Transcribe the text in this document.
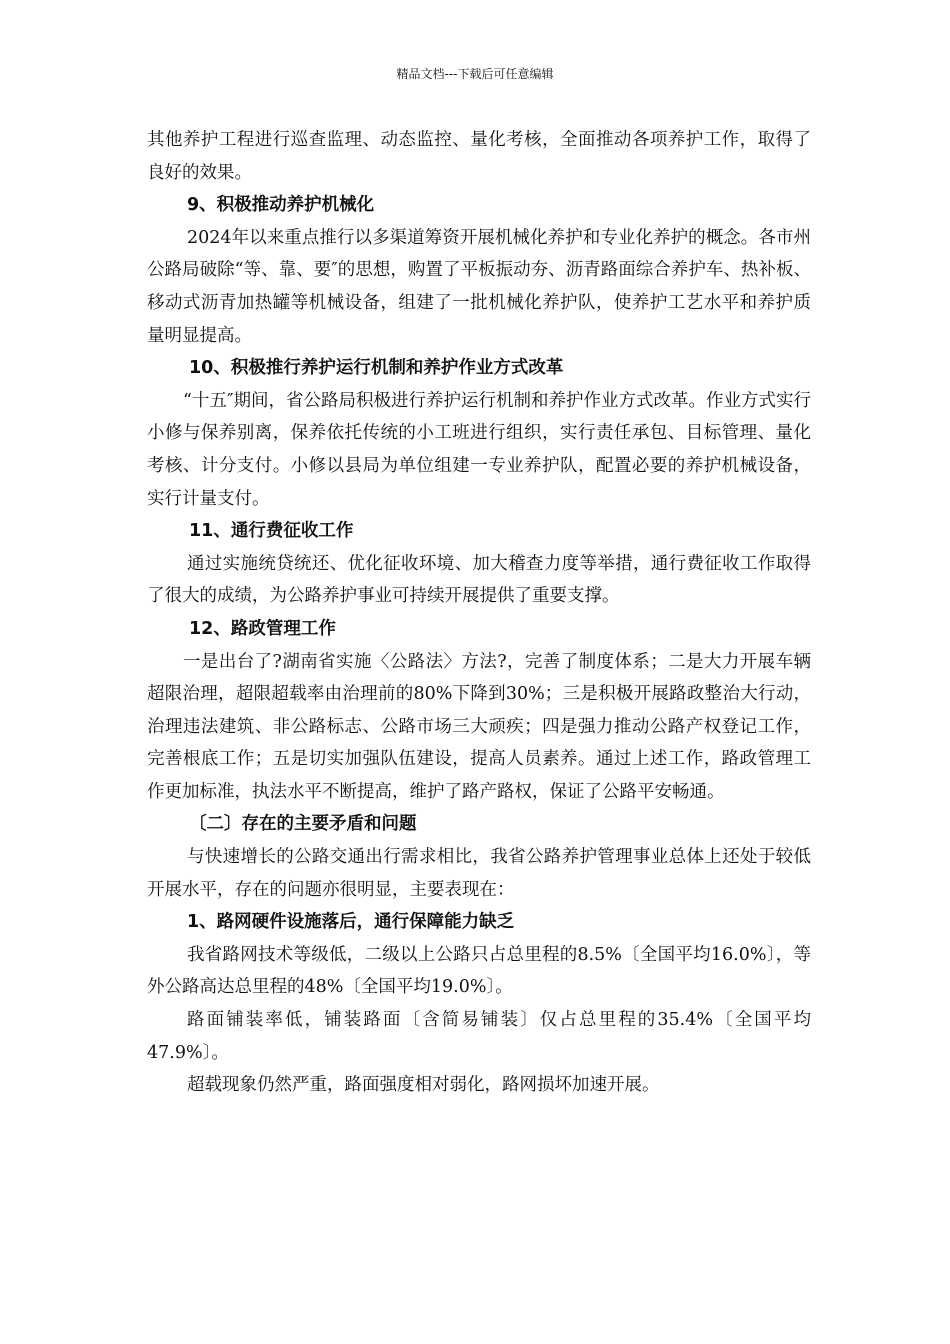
精品文档---下载后可任意编辑

其他养护工程进行巡查监理、动态监控、量化考核，全面推动各项养护工作，取得了良好的效果。

9、积极推动养护机械化

2024年以来重点推行以多渠道筹资开展机械化养护和专业化养护的概念。各市州公路局破除“等、靠、要″的思想，购置了平板振动夯、沥青路面综合养护车、热补板、移动式沥青加热罐等机械设备，组建了一批机械化养护队，使养护工艺水平和养护质量明显提高。

10、积极推行养护运行机制和养护作业方式改革

“十五″期间，省公路局积极进行养护运行机制和养护作业方式改革。作业方式实行小修与保养别离，保养依托传统的小工班进行组织，实行责任承包、目标管理、量化考核、计分支付。小修以县局为单位组建一专业养护队，配置必要的养护机械设备，实行计量支付。

11、通行费征收工作

通过实施统贷统还、优化征收环境、加大稽查力度等举措，通行费征收工作取得了很大的成绩，为公路养护事业可持续开展提供了重要支撑。

12、路政管理工作

一是出台了?湖南省实施〈公路法〉方法?，完善了制度体系；二是大力开展车辆超限治理，超限超载率由治理前的80%下降到30%；三是积极开展路政整治大行动，治理违法建筑、非公路标志、公路市场三大顽疾；四是强力推动公路产权登记工作，完善根底工作；五是切实加强队伍建设，提高人员素养。通过上述工作，路政管理工作更加标准，执法水平不断提高，维护了路产路权，保证了公路平安畅通。

〔二〕存在的主要矛盾和问题

与快速增长的公路交通出行需求相比，我省公路养护管理事业总体上还处于较低开展水平，存在的问题亦很明显，主要表现在：

1、路网硬件设施落后，通行保障能力缺乏

我省路网技术等级低，二级以上公路只占总里程的8.5%〔全国平均16.0%〕，等外公路高达总里程的48%〔全国平均19.0%〕。

路面铺装率低，铺装路面〔含简易铺装〕仅占总里程的35.4%〔全国平均47.9%〕。

超载现象仍然严重，路面强度相对弱化，路网损坏加速开展。
